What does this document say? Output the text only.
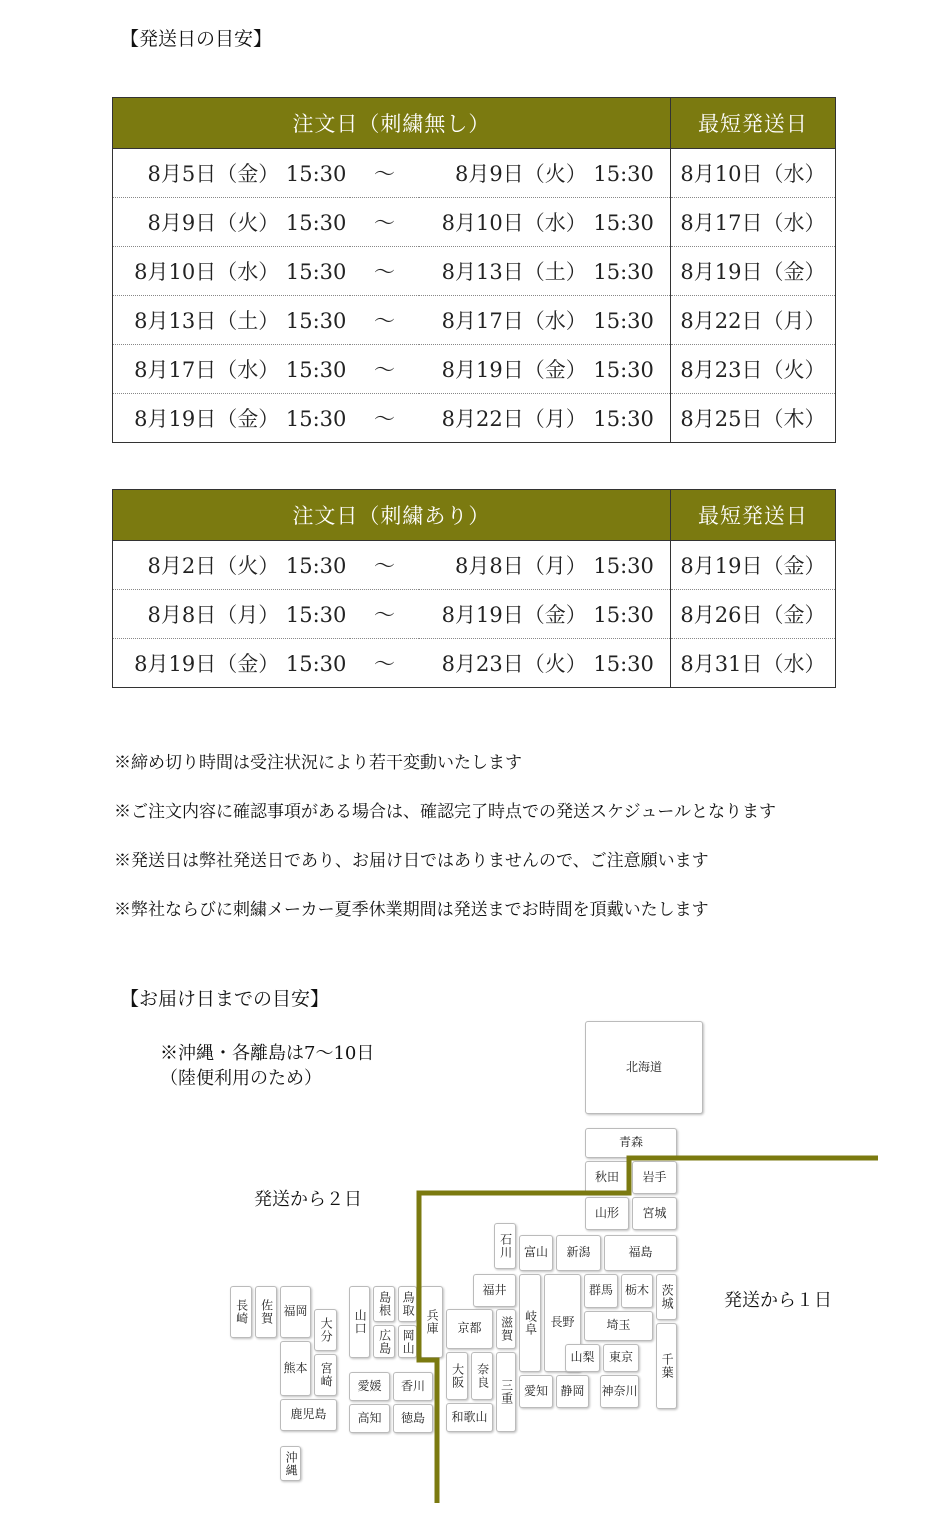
【発送日の目安】
注文日（刺繍無し）			最短発送日
8月5日（金） 15:30	～	8月9日（火） 15:30	8月10日（水）
8月9日（火） 15:30	～	8月10日（水） 15:30	8月17日（水）
8月10日（水） 15:30	～	8月13日（土） 15:30	8月19日（金）
8月13日（土） 15:30	～	8月17日（水） 15:30	8月22日（月）
8月17日（水） 15:30	～	8月19日（金） 15:30	8月23日（火）
8月19日（金） 15:30	～	8月22日（月） 15:30	8月25日（木）
注文日（刺繍あり）			最短発送日
8月2日（火） 15:30	～	8月8日（月） 15:30	8月19日（金）
8月8日（月） 15:30	～	8月19日（金） 15:30	8月26日（金）
8月19日（金） 15:30	～	8月23日（火） 15:30	8月31日（水）
※締め切り時間は受注状況により若干変動いたします
※ご注文内容に確認事項がある場合は、確認完了時点での発送スケジュールとなります
※発送日は弊社発送日であり、お届け日ではありませんので、ご注意願います
※弊社ならびに刺繍メーカー夏季休業期間は発送までお時間を頂戴いたします
【お届け日までの目安】
※沖縄・各離島は7～10日
（陸便利用のため）
発送から２日
発送から１日
北海道
青森
秋田	岩手
山形	宮城
石川 富山	新潟	福島
福井
岐阜	長野
群馬 栃木 茨城
京都	滋賀	埼玉
山梨	東京	千葉
大阪 奈良
三重 愛知	静岡	神奈川
和歌山
兵庫
島根 鳥取
広島 岡山
山口
愛媛	香川
高知	徳島
長崎 佐賀 福岡
大分
熊本 宮崎
鹿児島
沖縄
